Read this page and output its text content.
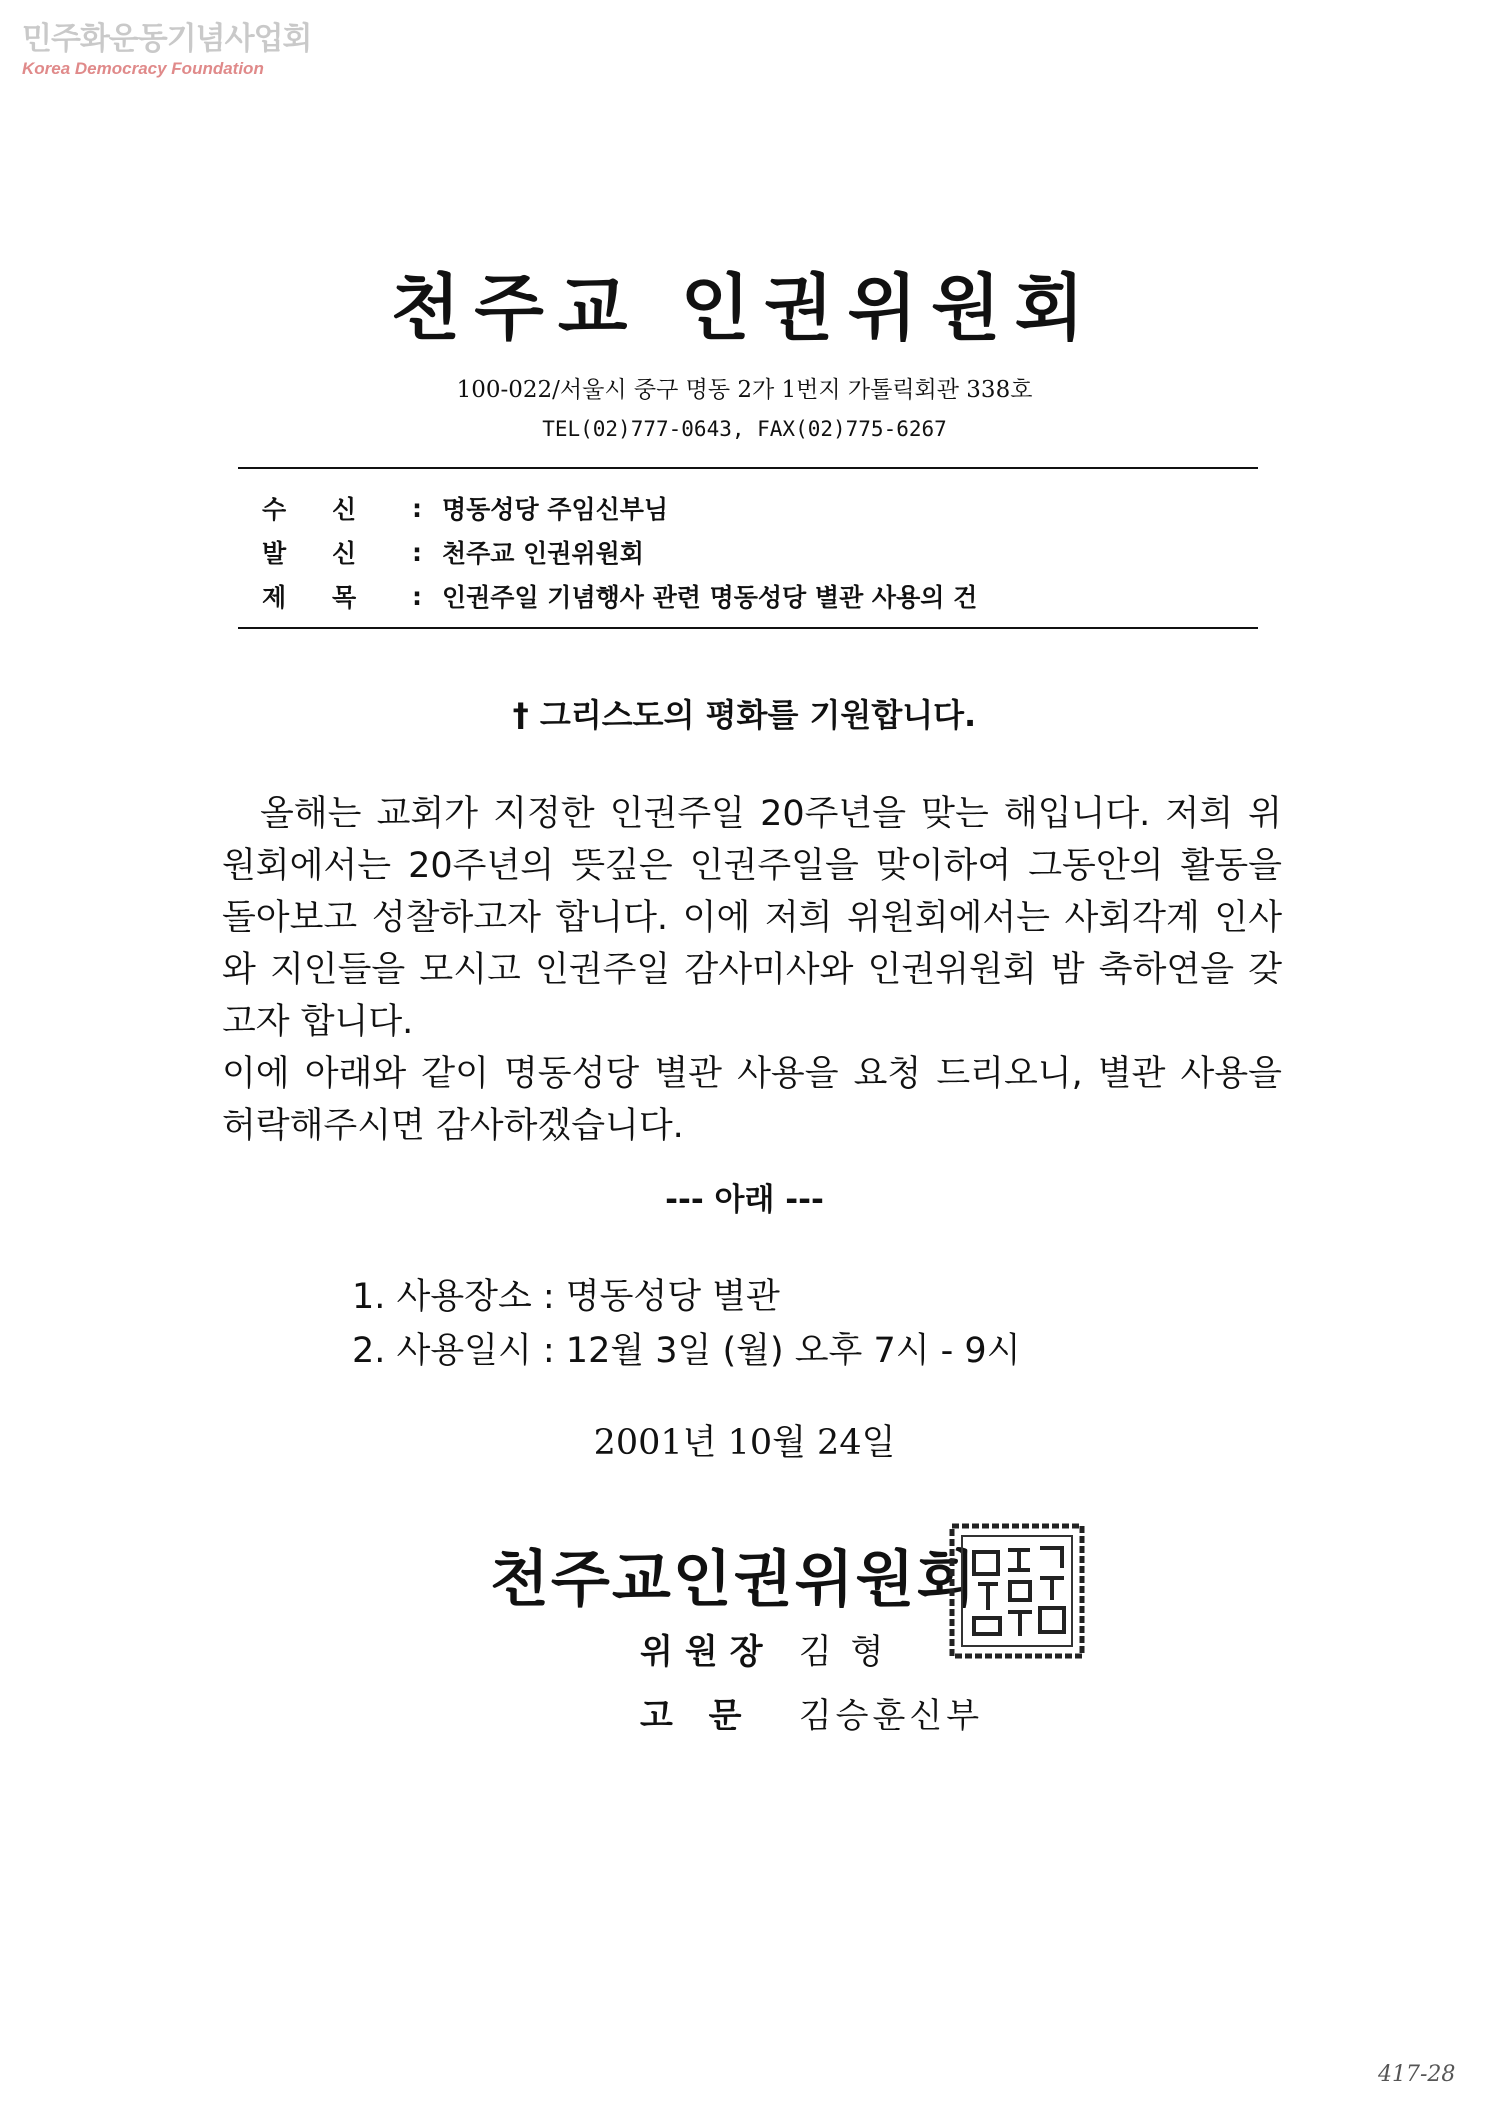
민주화운동기념사업회
Korea Democracy Foundation
천주교 인권위원회
100-022/서울시 중구 명동 2가 1번지 가톨릭회관 338호
TEL(02)777-0643, FAX(02)775-6267
수	신	: 명동성당 주임신부님
발	신	: 천주교 인권위원회
제	목	: 인권주일 기념행사 관련 명동성당 별관 사용의 건
† 그리스도의 평화를 기원합니다.

올해는 교회가 지정한 인권주일 20주년을 맞는 해입니다. 저희 위원회에서는 20주년의 뜻깊은 인권주일을 맞이하여 그동안의 활동을 돌아보고 성찰하고자 합니다. 이에 저희 위원회에서는 사회각계 인사와 지인들을 모시고 인권주일 감사미사와 인권위원회 밤 축하연을 갖고자 합니다.

이에 아래와 같이 명동성당 별관 사용을 요청 드리오니, 별관 사용을 허락해주시면 감사하겠습니다.

--- 아래 ---
1. 사용장소 : 명동성당 별관
2. 사용일시 : 12월 3일 (월) 오후 7시 - 9시
2001년 10월 24일
천주교인권위원회
위원장 김 형
고 문 김승훈신부
417-28
